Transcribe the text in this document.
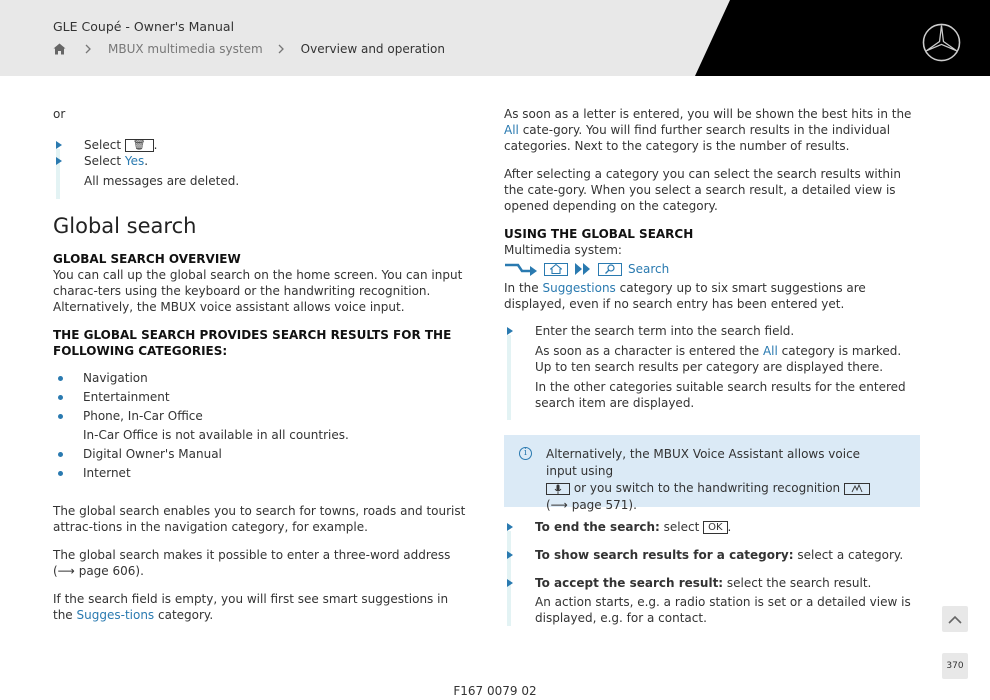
GLE Coupé - Owner's Manual
MBUX multimedia system	Overview and operation

or

Select 🗑 .
Select Yes.
All messages are deleted.
Global search
GLOBAL SEARCH OVERVIEW

You can call up the global search on the home screen. You can input charac-ters using the keyboard or the handwriting recognition. Alternatively, the MBUX voice assistant allows voice input.

THE GLOBAL SEARCH PROVIDES SEARCH RESULTS FOR THE FOLLOWING CATEGORIES:
Navigation
Entertainment
Phone, In-Car Office
In-Car Office is not available in all countries.
Digital Owner's Manual
Internet

The global search enables you to search for towns, roads and tourist attrac-tions in the navigation category, for example.

The global search makes it possible to enter a three-word address (⟶ page 606).

If the search field is empty, you will first see smart suggestions in the Sugges-tions category.

As soon as a letter is entered, you will be shown the best hits in the All cate-gory. You will find further search results in the individual categories. Next to the category is the number of results.

After selecting a category you can select the search results within the cate-gory. When you select a search result, a detailed view is opened depending on the category.

USING THE GLOBAL SEARCH

Multimedia system:

Search

In the Suggestions category up to six smart suggestions are displayed, even if no search entry has been entered yet.

Enter the search term into the search field.
As soon as a character is entered the All category is marked. Up to ten search results per category are displayed there.
In the other categories suitable search results for the entered search item are displayed.
i	Alternatively, the MBUX Voice Assistant allows voice input using
or you switch to the handwriting recognition
(⟶ page 571).
To end the search: select OK .
To show search results for a category: select a category.
To accept the search result: select the search result.
An action starts, e.g. a radio station is set or a detailed view is displayed, e.g. for a contact.
370
F167 0079 02
